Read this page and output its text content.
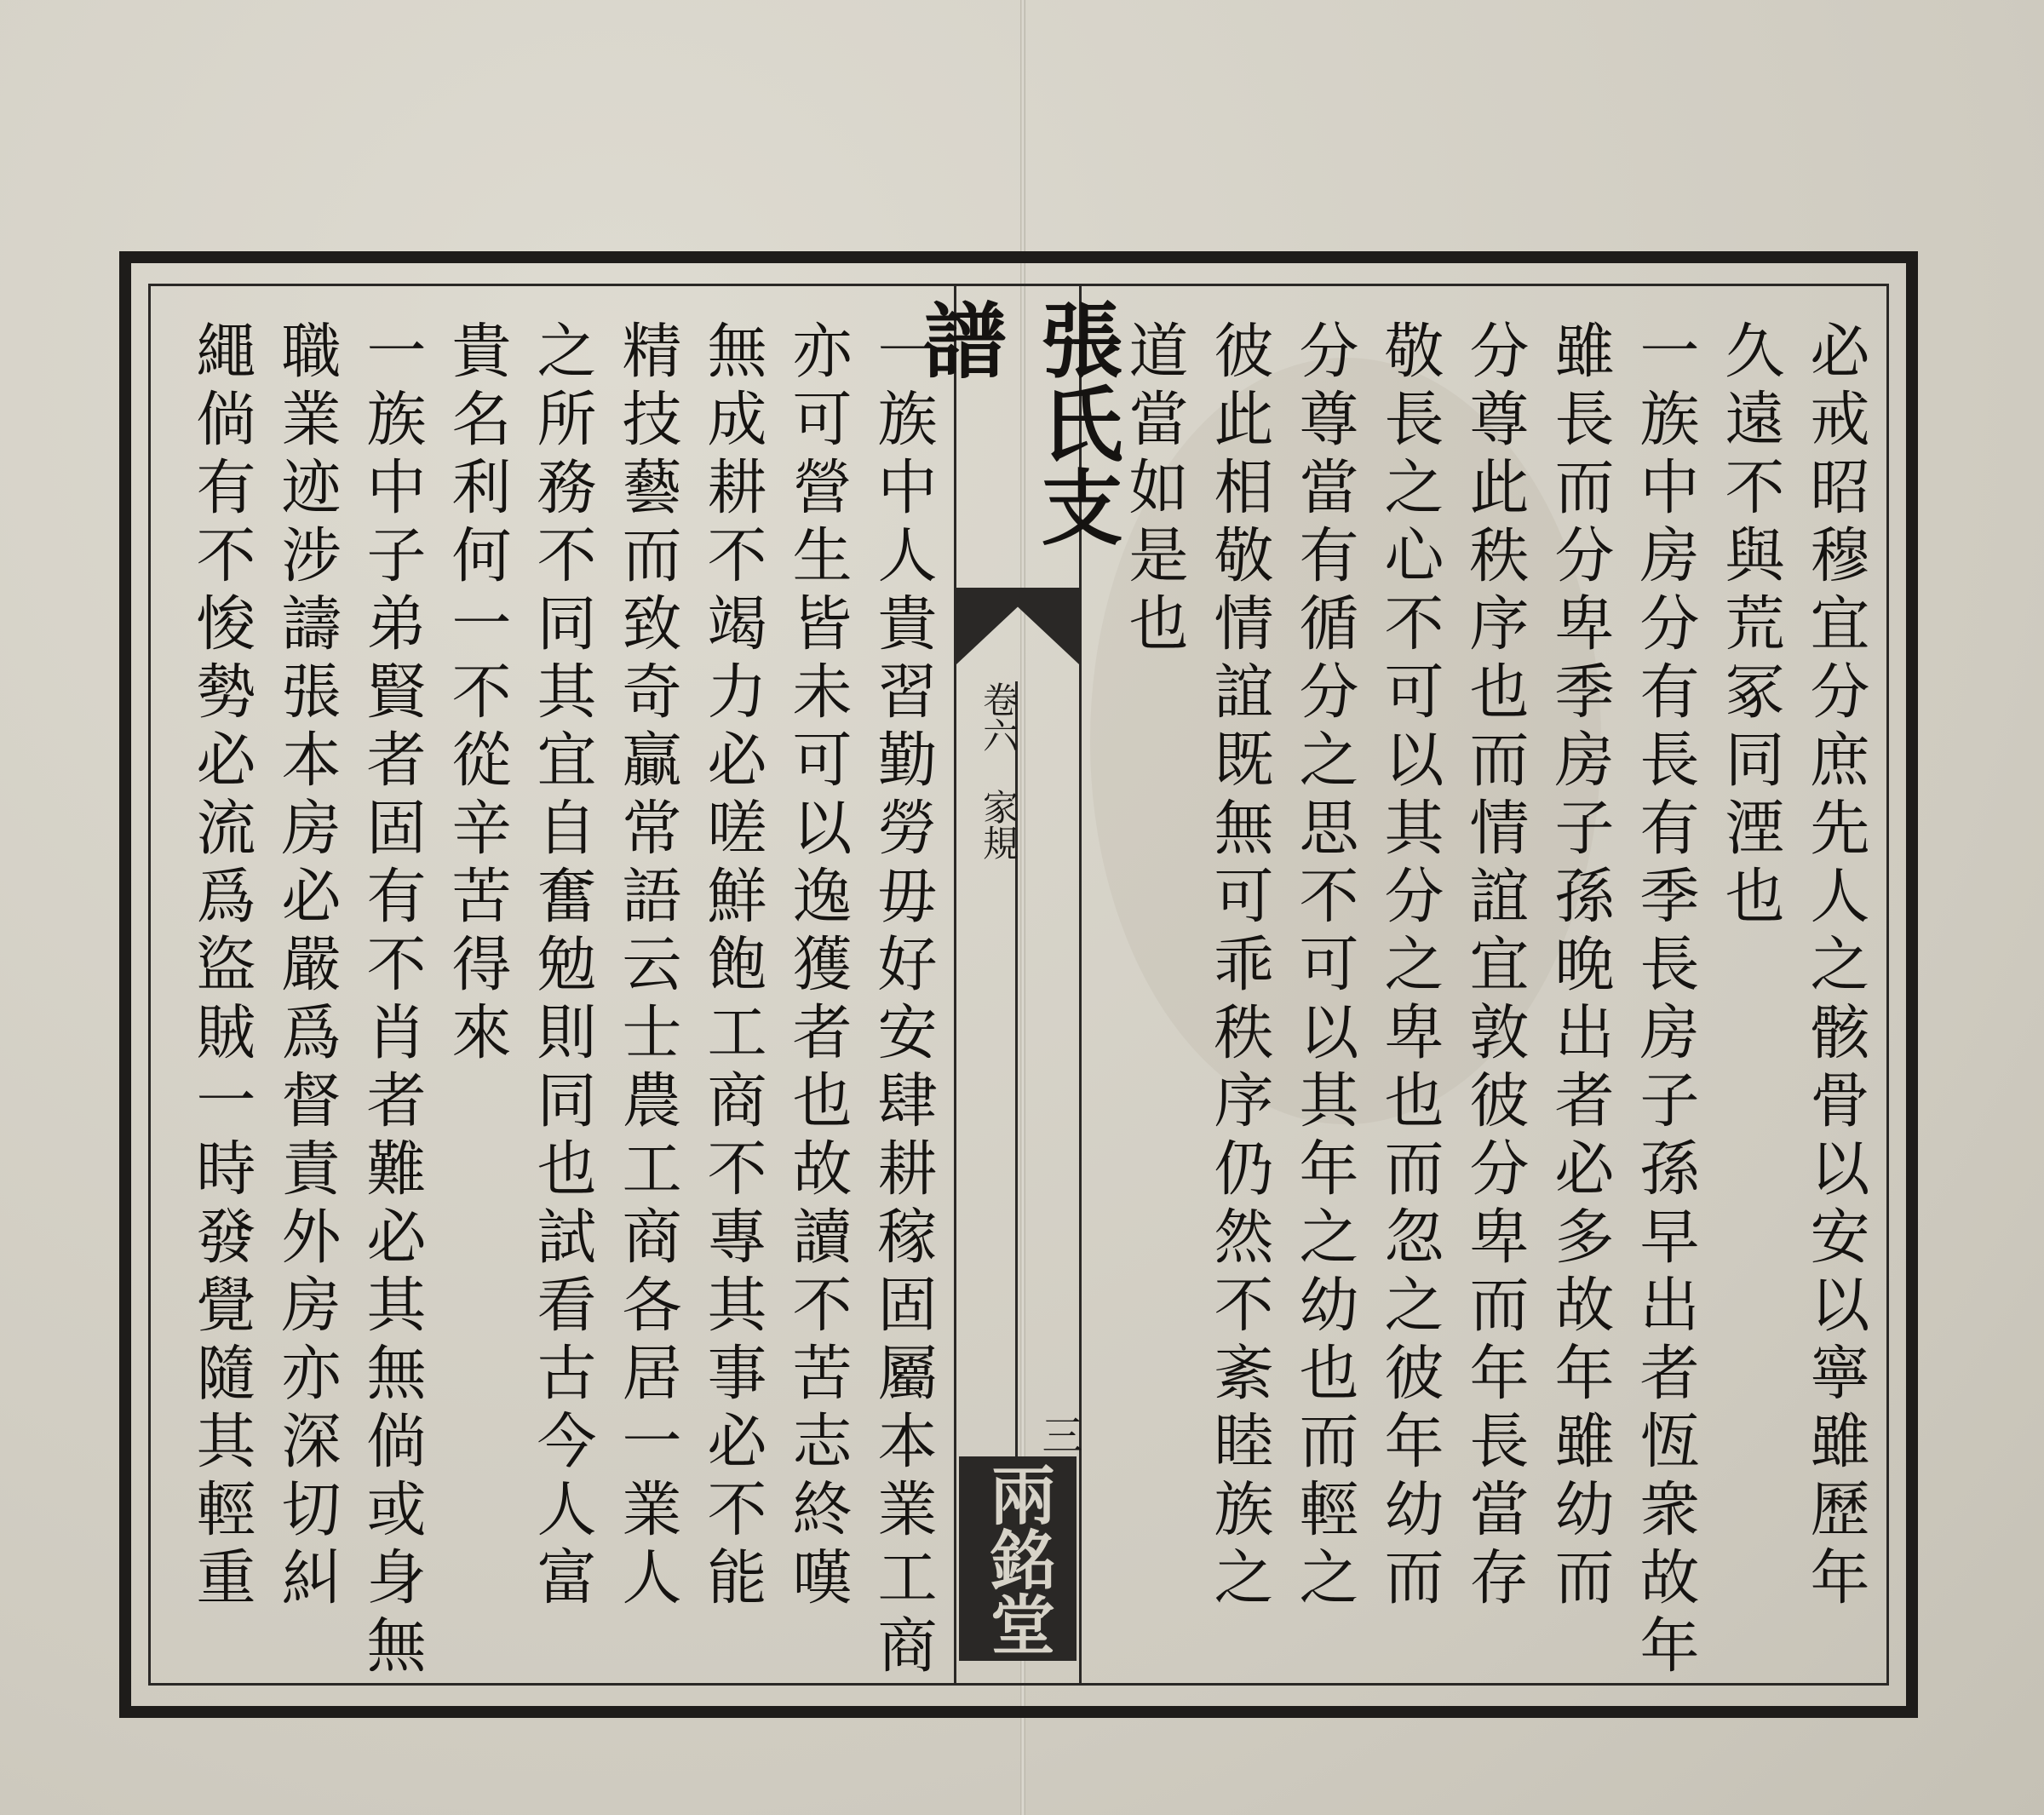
張氏支譜
卷六　家規
三
兩銘堂	必戒昭穆宜分庶先人之骸骨以安以寧雖歷年
久遠不與荒冢同湮也
一族中房分有長有季長房子孫早出者恆衆故年
雖長而分卑季房子孫晚出者必多故年雖幼而
分尊此秩序也而情誼宜敦彼分卑而年長當存
敬長之心不可以其分之卑也而忽之彼年幼而
分尊當有循分之思不可以其年之幼也而輕之
彼此相敬情誼既無可乖秩序仍然不紊睦族之
道當如是也
一族中人貴習勤勞毋好安肆耕稼固屬本業工商
亦可營生皆未可以逸獲者也故讀不苦志終嘆
無成耕不竭力必嗟鮮飽工商不專其事必不能
精技藝而致奇贏常語云士農工商各居一業人
之所務不同其宜自奮勉則同也試看古今人富
貴名利何一不從辛苦得來
一族中子弟賢者固有不肖者難必其無倘或身無
職業迹涉譸張本房必嚴爲督責外房亦深切糾
繩倘有不悛勢必流爲盜賊一時發覺隨其輕重
